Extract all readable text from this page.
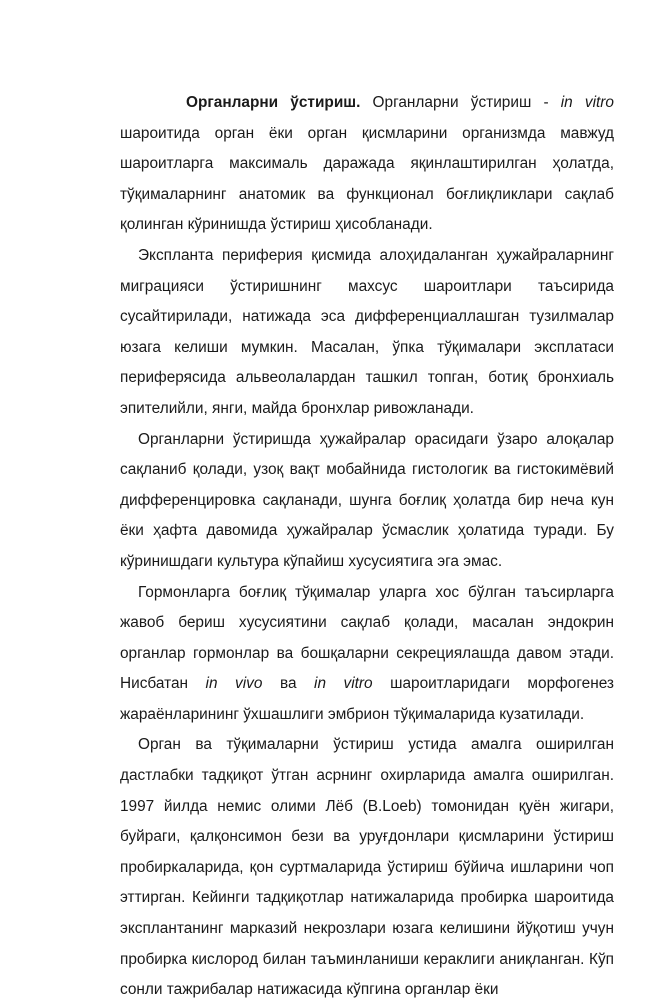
Органларни ўстириш. Органларни ўстириш - in vitro шароитида орган ёки орган қисмларини организмда мавжуд шароитларга максималь даражада яқинлаштирилган ҳолатда, тўқималарнинг анатомик ва функционал боғлиқликлари сақлаб қолинган кўринишда ўстириш ҳисобланади.

Экспланта периферия қисмида алоҳидаланган ҳужайраларнинг миграцияси ўстиришнинг махсус шароитлари таъсирида сусайтирилади, натижада эса дифференциаллашган тузилмалар юзага келиши мумкин. Масалан, ўпка тўқималари эксплатаси периферясида альвеолалардан ташкил топган, ботиқ бронхиаль эпителийли, янги, майда бронхлар ривожланади.

Органларни ўстиришда ҳужайралар орасидаги ўзаро алоқалар сақланиб қолади, узоқ вақт мобайнида гистологик ва гистокимёвий дифференцировка сақланади, шунга боғлиқ ҳолатда бир неча кун ёки ҳафта давомида ҳужайралар ўсмаслик ҳолатида туради. Бу кўринишдаги культура кўпайиш хусусиятига эга эмас.

Гормонларга боғлиқ тўқималар уларга хос бўлган таъсирларга жавоб бериш хусусиятини сақлаб қолади, масалан эндокрин органлар гормонлар ва бошқаларни секрециялашда давом этади. Нисбатан in vivo ва in vitro шароитларидаги морфогенез жараёнларининг ўхшашлиги эмбрион тўқималарида кузатилади.

Орган ва тўқималарни ўстириш устида амалга оширилган дастлабки тадқиқот ўтган асрнинг охирларида амалга оширилган. 1997 йилда немис олими Лёб (B.Loeb) томонидан қуён жигари, буйраги, қалқонсимон бези ва уруғдонлари қисмларини ўстириш пробиркаларида, қон суртмаларида ўстириш бўйича ишларини чоп эттирган. Кейинги тадқиқотлар натижаларида пробирка шароитида эксплантанинг марказий некрозлари юзага келишини йўқотиш учун пробирка кислород билан таъминланиши кераклиги аниқланган. Кўп сонли тажрибалар натижасида кўпгина органлар ёки
